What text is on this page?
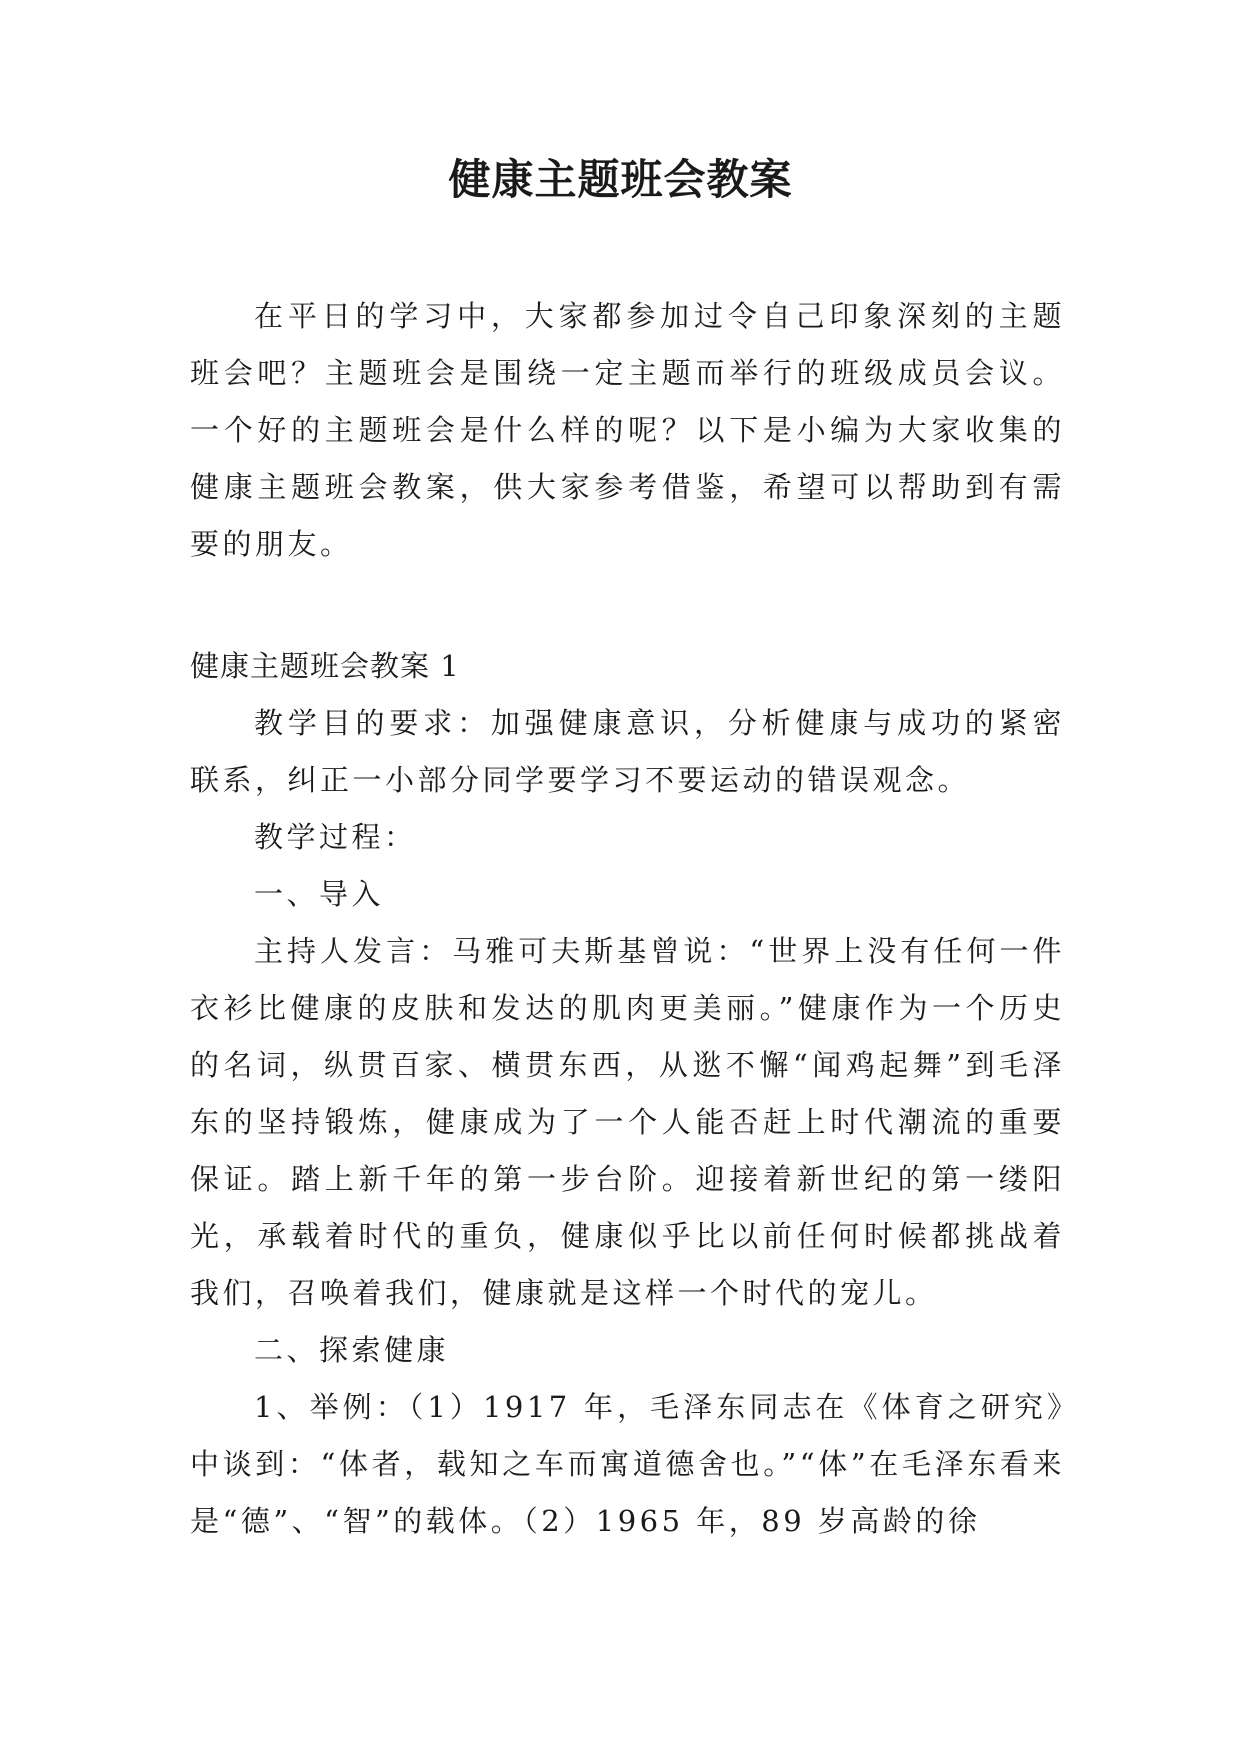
健康主题班会教案

在平日的学习中，大家都参加过令自己印象深刻的主题班会吧？主题班会是围绕一定主题而举行的班级成员会议。一个好的主题班会是什么样的呢？以下是小编为大家收集的健康主题班会教案，供大家参考借鉴，希望可以帮助到有需要的朋友。

健康主题班会教案 1

教学目的要求：加强健康意识，分析健康与成功的紧密联系，纠正一小部分同学要学习不要运动的错误观念。

教学过程：

一、导入

主持人发言：马雅可夫斯基曾说：“世界上没有任何一件衣衫比健康的皮肤和发达的肌肉更美丽。”健康作为一个历史的名词，纵贯百家、横贯东西，从逖不懈“闻鸡起舞”到毛泽东的坚持锻炼，健康成为了一个人能否赶上时代潮流的重要保证。踏上新千年的第一步台阶。迎接着新世纪的第一缕阳光，承载着时代的重负，健康似乎比以前任何时候都挑战着我们，召唤着我们，健康就是这样一个时代的宠儿。

二、探索健康

1、举例：（1）1917 年，毛泽东同志在《体育之研究》中谈到：“体者，载知之车而寓道德舍也。”“体”在毛泽东看来是“德”、“智”的载体。（2）1965 年，89 岁高龄的徐
